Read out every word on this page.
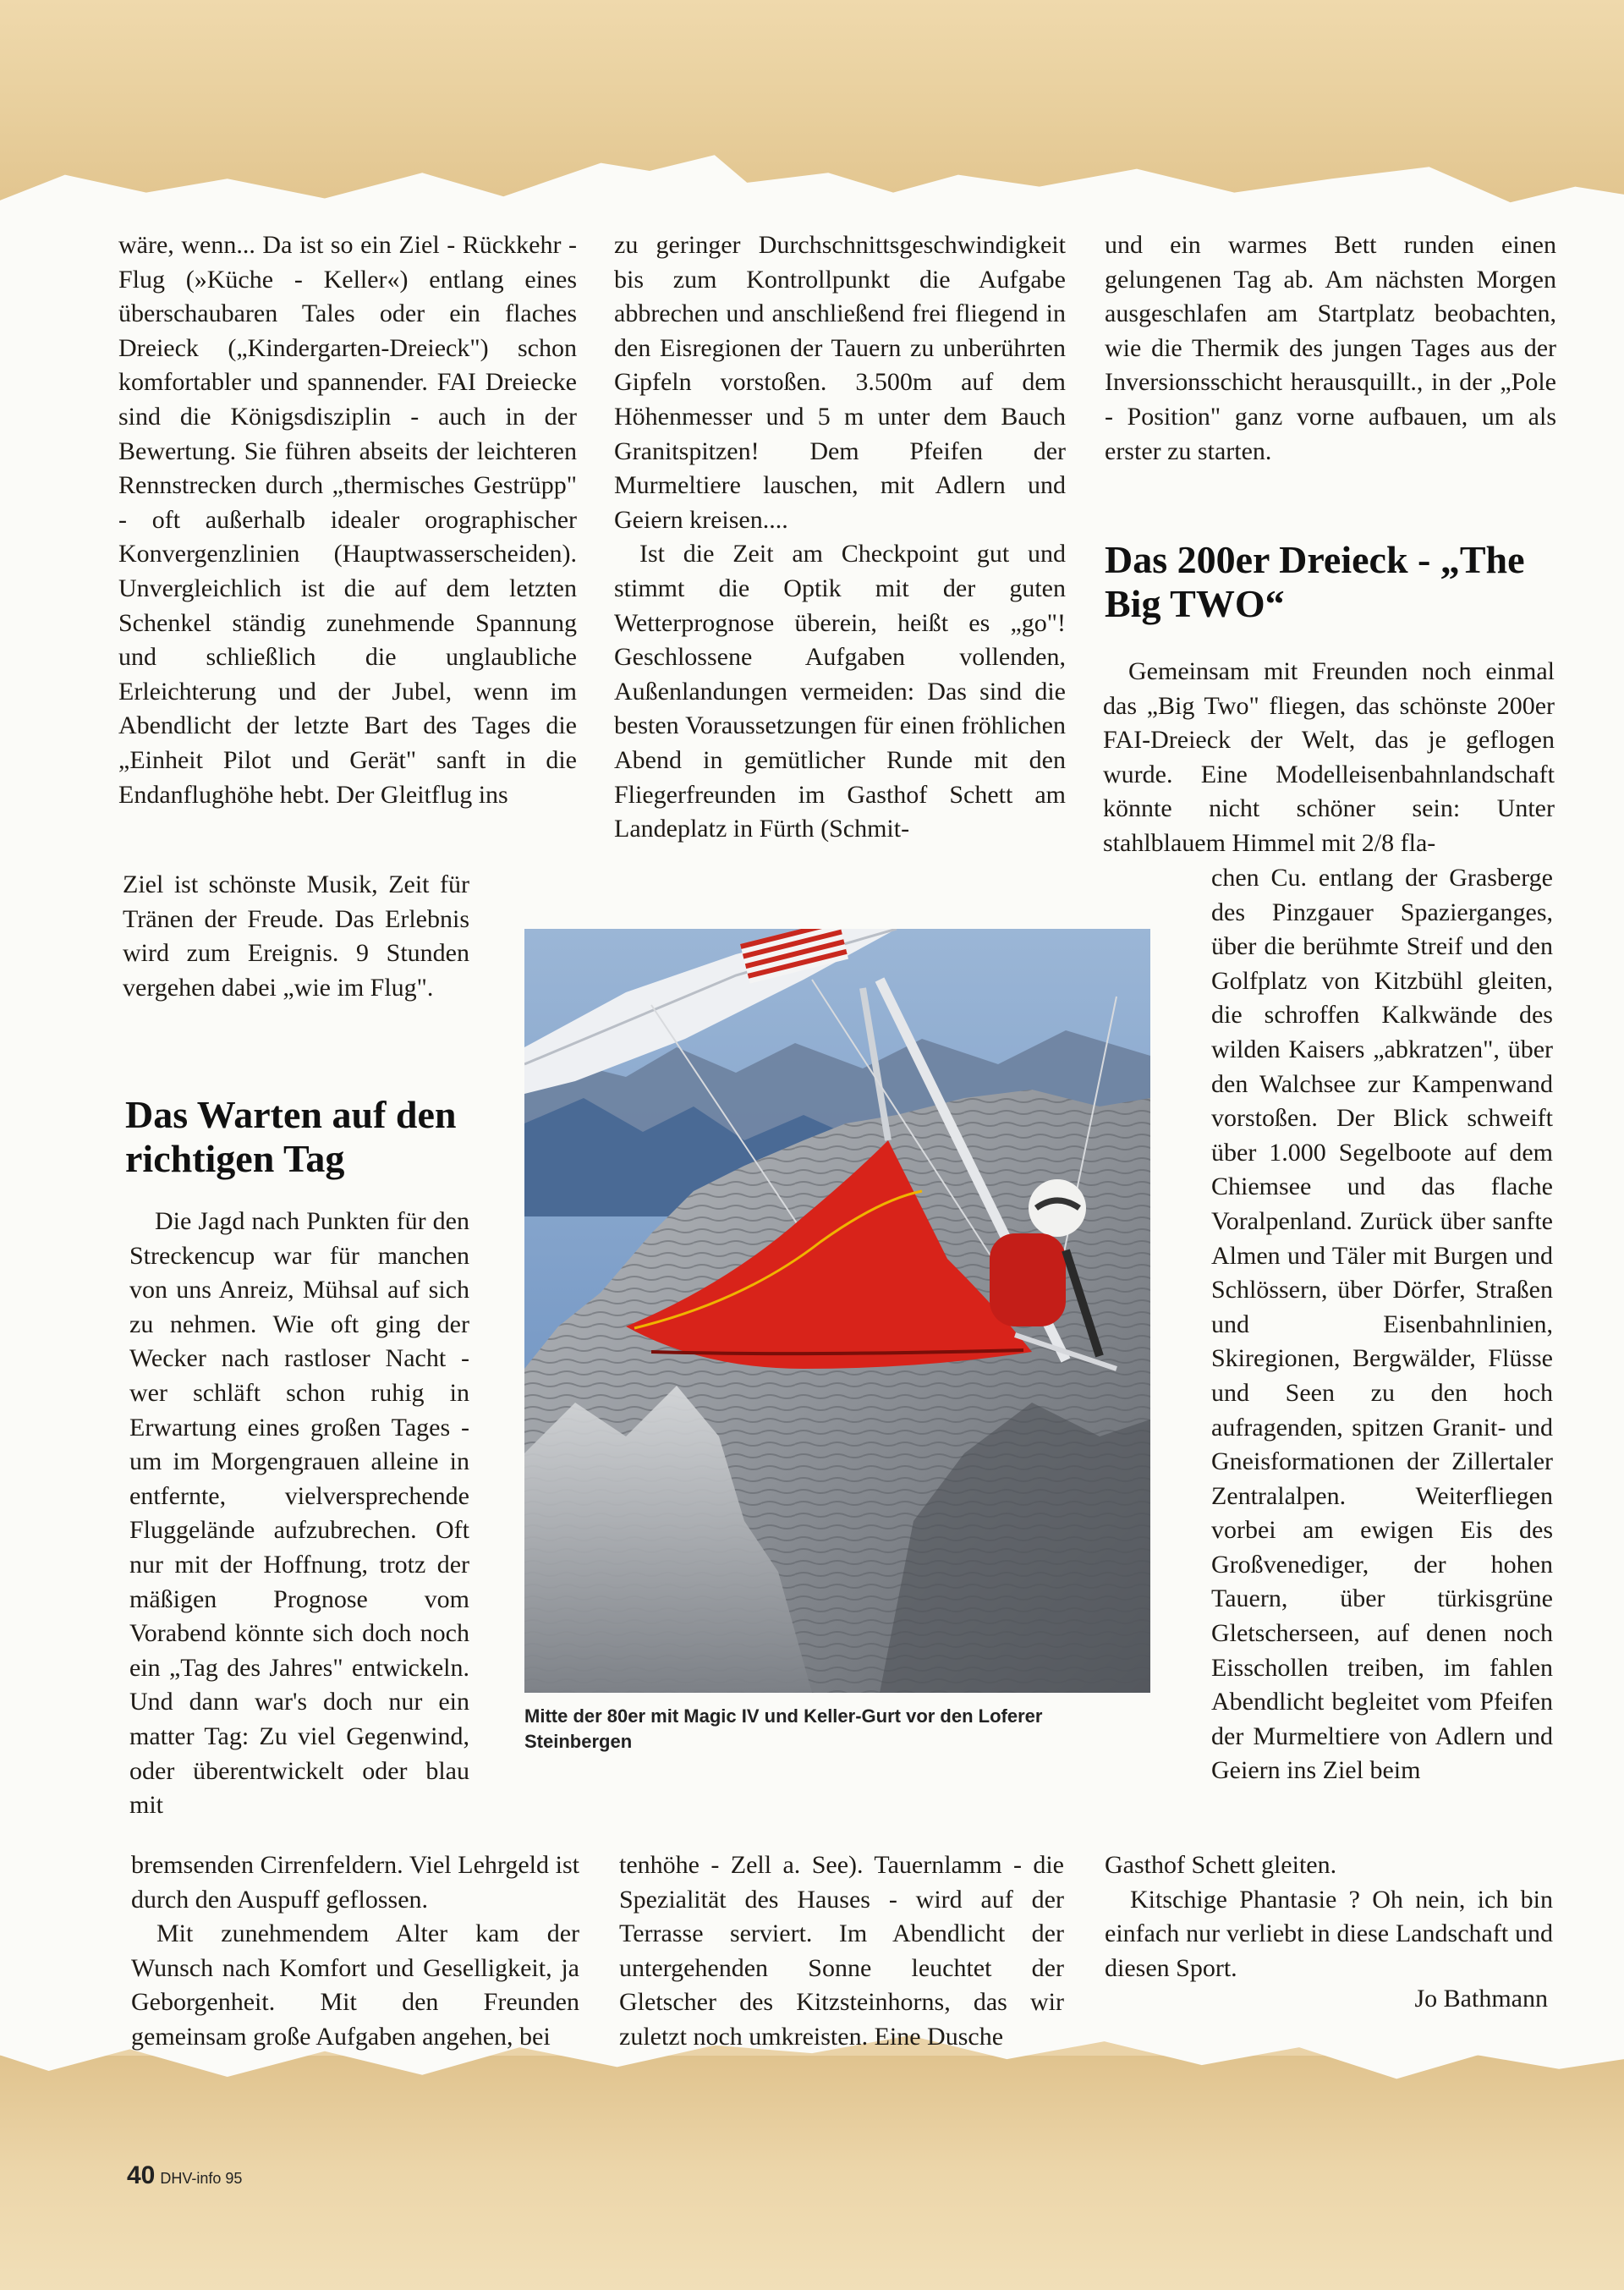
wäre, wenn... Da ist so ein Ziel - Rückkehr - Flug (»Küche - Keller«) entlang eines überschaubaren Tales oder ein flaches Dreieck („Kindergarten-Dreieck") schon komfortabler und spannender. FAI Dreiecke sind die Königsdisziplin - auch in der Bewertung. Sie führen abseits der leichteren Rennstrecken durch „thermisches Gestrüpp" - oft außerhalb idealer orographischer Konvergenzlinien (Hauptwasserscheiden). Unvergleichlich ist die auf dem letzten Schenkel ständig zunehmende Spannung und schließlich die unglaubliche Erleichterung und der Jubel, wenn im Abendlicht der letzte Bart des Tages die „Einheit Pilot und Gerät" sanft in die Endanflughöhe hebt. Der Gleitflug ins

Ziel ist schönste Musik, Zeit für Tränen der Freude. Das Erlebnis wird zum Ereignis. 9 Stunden vergehen dabei „wie im Flug".

Das Warten auf den richtigen Tag

Die Jagd nach Punkten für den Streckencup war für manchen von uns Anreiz, Mühsal auf sich zu nehmen. Wie oft ging der Wecker nach rastloser Nacht - wer schläft schon ruhig in Erwartung eines großen Tages - um im Morgengrauen alleine in entfernte, vielversprechende Fluggelände aufzubrechen. Oft nur mit der Hoffnung, trotz der mäßigen Prognose vom Vorabend könnte sich doch noch ein „Tag des Jahres" entwickeln. Und dann war's doch nur ein matter Tag: Zu viel Gegenwind, oder überentwickelt oder blau mit

bremsenden Cirrenfeldern. Viel Lehrgeld ist durch den Auspuff geflossen.

Mit zunehmendem Alter kam der Wunsch nach Komfort und Geselligkeit, ja Geborgenheit. Mit den Freunden gemeinsam große Aufgaben angehen, bei

zu geringer Durchschnittsgeschwindigkeit bis zum Kontrollpunkt die Aufgabe abbrechen und anschließend frei fliegend in den Eisregionen der Tauern zu unberührten Gipfeln vorstoßen. 3.500m auf dem Höhenmesser und 5 m unter dem Bauch Granitspitzen! Dem Pfeifen der Murmeltiere lauschen, mit Adlern und Geiern kreisen....

Ist die Zeit am Checkpoint gut und stimmt die Optik mit der guten Wetterprognose überein, heißt es „go"! Geschlossene Aufgaben vollenden, Außenlandungen vermeiden: Das sind die besten Voraussetzungen für einen fröhlichen Abend in gemütlicher Runde mit den Fliegerfreunden im Gasthof Schett am Landeplatz in Fürth (Schmit-

tenhöhe - Zell a. See). Tauernlamm - die Spezialität des Hauses - wird auf der Terrasse serviert. Im Abendlicht der untergehenden Sonne leuchtet der Gletscher des Kitzsteinhorns, das wir zuletzt noch umkreisten. Eine Dusche

und ein warmes Bett runden einen gelungenen Tag ab. Am nächsten Morgen ausgeschlafen am Startplatz beobachten, wie die Thermik des jungen Tages aus der Inversionsschicht herausquillt., in der „Pole - Position" ganz vorne aufbauen, um als erster zu starten.

Das 200er Dreieck - „The Big TWO“

Gemeinsam mit Freunden noch einmal das „Big Two" fliegen, das schönste 200er FAI-Dreieck der Welt, das je geflogen wurde. Eine Modelleisenbahnlandschaft könnte nicht schöner sein: Unter stahlblauem Himmel mit 2/8 fla-

chen Cu. entlang der Grasberge des Pinzgauer Spazierganges, über die berühmte Streif und den Golfplatz von Kitzbühl gleiten, die schroffen Kalkwände des wilden Kaisers „abkratzen", über den Walchsee zur Kampenwand vorstoßen. Der Blick schweift über 1.000 Segelboote auf dem Chiemsee und das flache Voralpenland. Zurück über sanfte Almen und Täler mit Burgen und Schlössern, über Dörfer, Straßen und Eisenbahnlinien, Skiregionen, Bergwälder, Flüsse und Seen zu den hoch aufragenden, spitzen Granit- und Gneisformationen der Zillertaler Zentralalpen. Weiterfliegen vorbei am ewigen Eis des Großvenediger, der hohen Tauern, über türkisgrüne Gletscherseen, auf denen noch Eisschollen treiben, im fahlen Abendlicht begleitet vom Pfeifen der Murmeltiere von Adlern und Geiern ins Ziel beim

Gasthof Schett gleiten.

Kitschige Phantasie ? Oh nein, ich bin einfach nur verliebt in diese Landschaft und diesen Sport.

Jo Bathmann
Mitte der 80er mit Magic IV und Keller-Gurt vor den Loferer Steinbergen
40 DHV-info 95
